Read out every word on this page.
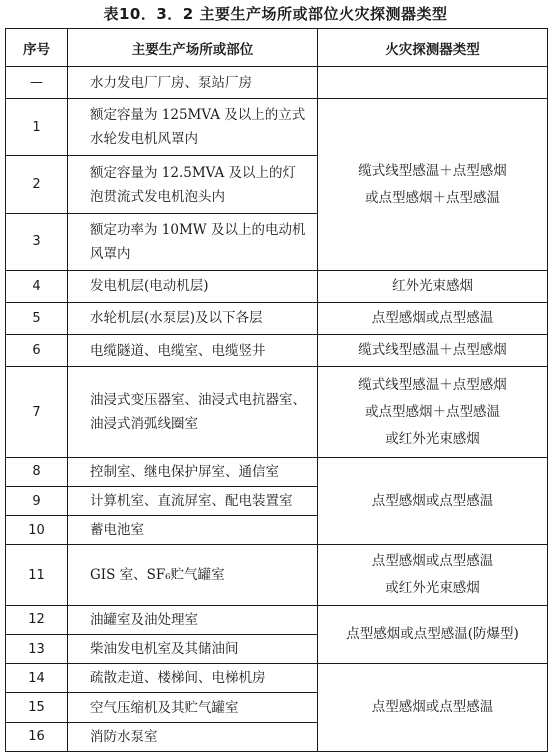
表10．3．2 主要生产场所或部位火灾探测器类型
序号	主要生产场所或部位	火灾探测器类型
—	水力发电厂厂房、泵站厂房	
1	额定容量为 125MVA 及以上的立式水轮发电机风罩内	缆式线型感温＋点型感烟
或点型感烟＋点型感温

2	额定容量为 12.5MVA 及以上的灯泡贯流式发电机泡头内	
3	额定功率为 10MW 及以上的电动机风罩内	
4	发电机层(电动机层)	红外光束感烟
5	水轮机层(水泵层)及以下各层	点型感烟或点型感温
6	电缆隧道、电缆室、电缆竖井	缆式线型感温＋点型感烟
7	油浸式变压器室、油浸式电抗器室、油浸式消弧线圈室	缆式线型感温＋点型感烟
或点型感烟＋点型感温
或红外光束感烟

8	控制室、继电保护屏室、通信室	点型感烟或点型感温
9	计算机室、直流屏室、配电装置室	
10	蓄电池室	
11	GIS 室、SF₆贮气罐室	点型感烟或点型感温
或红外光束感烟

12	油罐室及油处理室	点型感烟或点型感温(防爆型)
13	柴油发电机室及其储油间	
14	疏散走道、楼梯间、电梯机房	点型感烟或点型感温
15	空气压缩机及其贮气罐室	
16	消防水泵室	
